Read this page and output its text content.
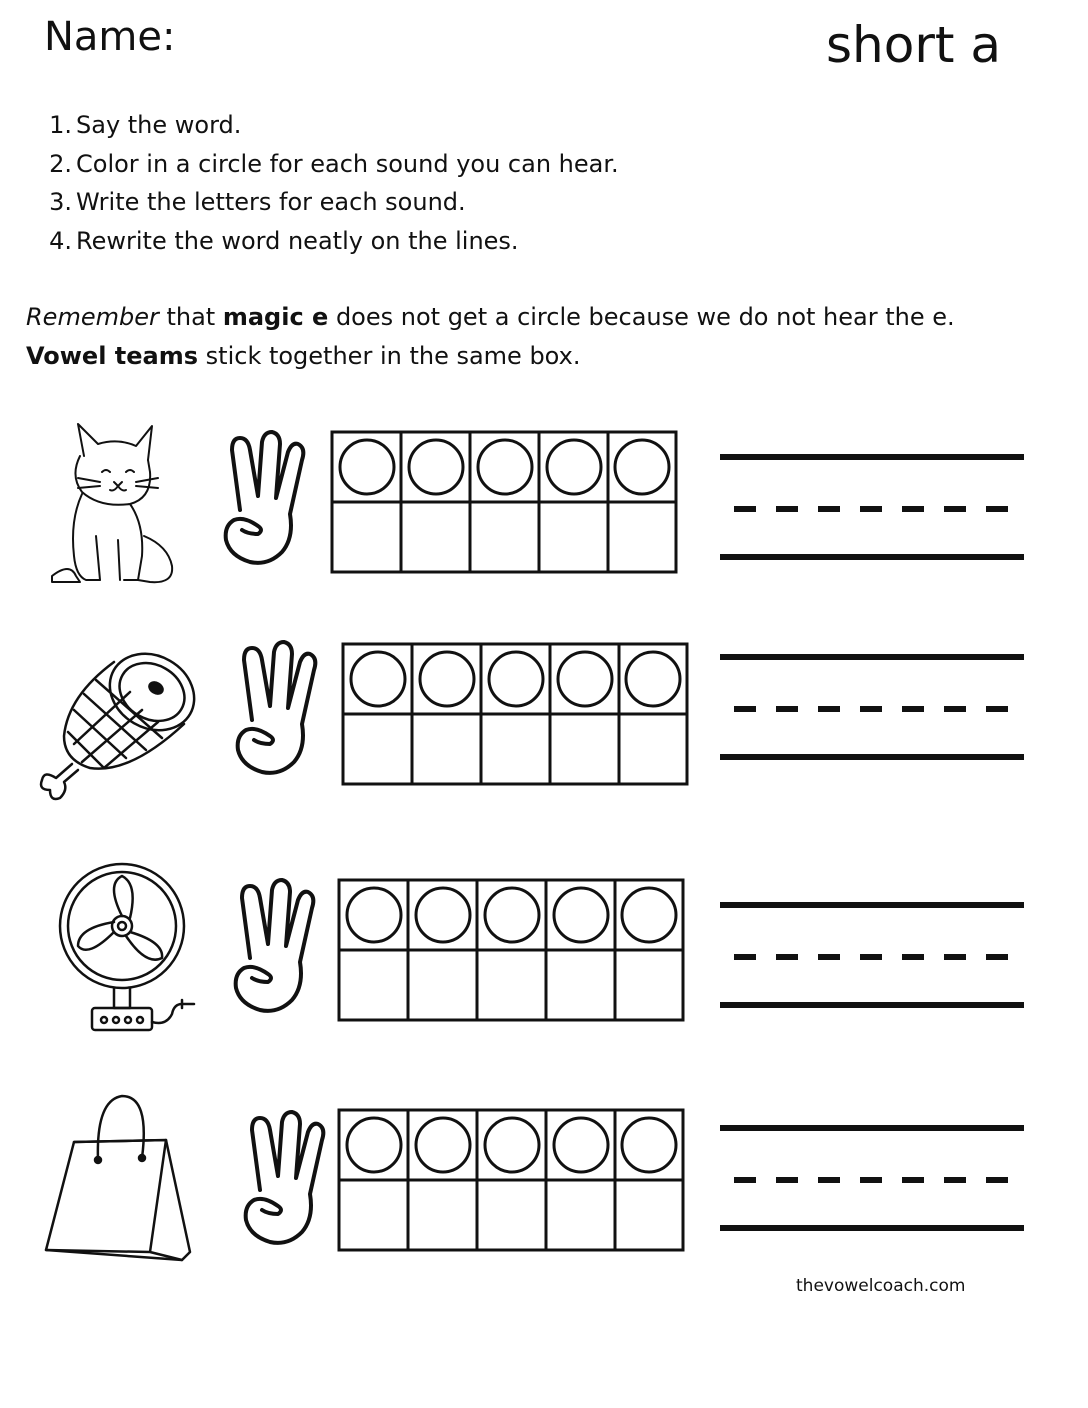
Name:	short a
1. Say the word.
2. Color in a circle for each sound you can hear.
3. Write the letters for each sound.
4. Rewrite the word neatly on the lines.
Remember that magic e does not get a circle because we do not hear the e.
Vowel teams stick together in the same box.
thevowelcoach.com
